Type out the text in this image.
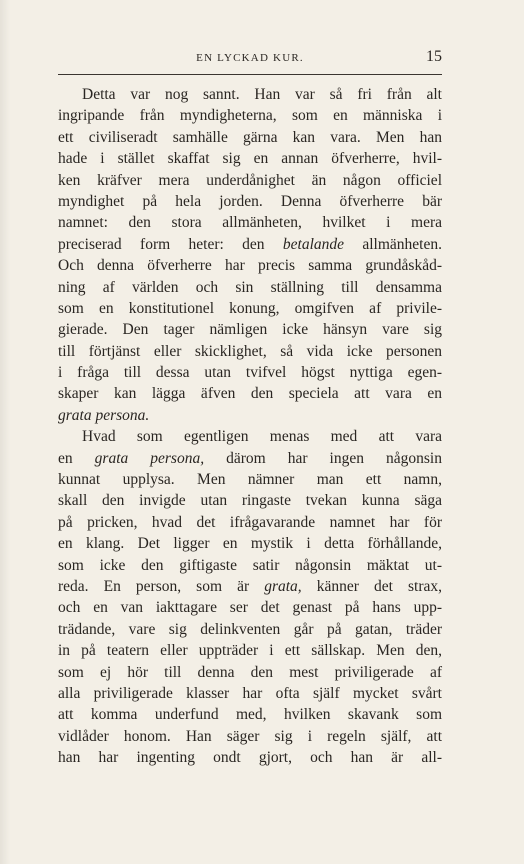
EN LYCKAD KUR.	15
Detta var nog sannt. Han var så fri från alt
ingripande från myndigheterna, som en människa i
ett civiliseradt samhälle gärna kan vara. Men han
hade i stället skaffat sig en annan öfverherre, hvil-
ken kräfver mera underdånighet än någon officiel
myndighet på hela jorden. Denna öfverherre bär
namnet: den stora allmänheten, hvilket i mera
preciserad form heter: den betalande allmänheten.
Och denna öfverherre har precis samma grundåskåd-
ning af världen och sin ställning till densamma
som en konstitutionel konung, omgifven af privile-
gierade. Den tager nämligen icke hänsyn vare sig
till förtjänst eller skicklighet, så vida icke personen
i fråga till dessa utan tvifvel högst nyttiga egen-
skaper kan lägga äfven den speciela att vara en
grata persona.
Hvad som egentligen menas med att vara
en grata persona, därom har ingen någonsin
kunnat upplysa. Men nämner man ett namn,
skall den invigde utan ringaste tvekan kunna säga
på pricken, hvad det ifrågavarande namnet har för
en klang. Det ligger en mystik i detta förhållande,
som icke den giftigaste satir någonsin mäktat ut-
reda. En person, som är grata, känner det strax,
och en van iakttagare ser det genast på hans upp-
trädande, vare sig delinkventen går på gatan, träder
in på teatern eller uppträder i ett sällskap. Men den,
som ej hör till denna den mest priviligerade af
alla priviligerade klasser har ofta själf mycket svårt
att komma underfund med, hvilken skavank som
vidlåder honom. Han säger sig i regeln själf, att
han har ingenting ondt gjort, och han är all-
